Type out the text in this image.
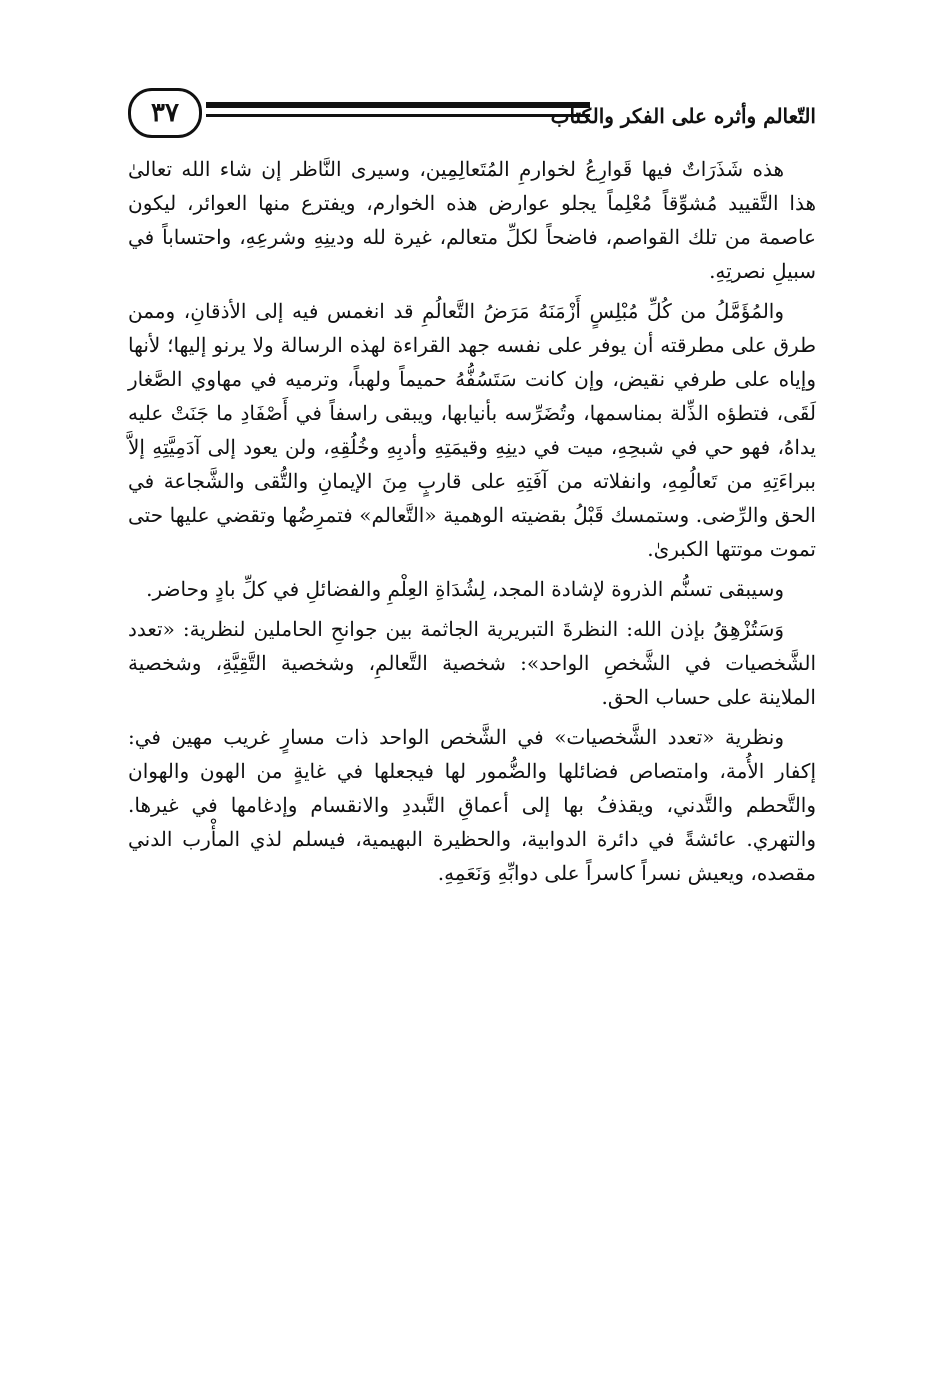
٣٧	التّعالم وأثره على الفكر والكتاب

هذه شَذَرَاتٌ فيها قَوارِعُ لخوارمِ المُتَعالِمِين، وسيرى النَّاظر إن شاء الله تعالىٰ هذا التَّقييد مُشوِّقاً مُعْلِماً يجلو عوارض هذه الخوارم، ويفترع منها العوائر، ليكون عاصمة من تلك القواصم، فاضحاً لكلِّ متعالم، غيرة لله ودينِهِ وشرعِهِ، واحتساباً في سبيلِ نصرتِهِ.

والمُؤَمَّلُ من كُلِّ مُبْلِسٍ أَزْمَنَهُ مَرَضُ التَّعالُمِ قد انغمس فيه إلى الأذقانِ، وممن طرق على مطرقته أن يوفر على نفسه جهد القراءة لهذه الرسالة ولا يرنو إليها؛ لأنها وإياه على طرفي نقيض، وإن كانت سَتَسُفُّهُ حميماً ولهباً، وترميه في مهاوي الصَّغار لَقَى، فتطؤه الذِّلة بمناسمها، وتُضَرِّسه بأنيابها، ويبقى راسفاً في أَصْفَادِ ما جَنَتْ عليه يداهُ، فهو حي في شبحِهِ، ميت في دينِهِ وقيمَتِهِ وأدبِهِ وخُلُقِهِ، ولن يعود إلى آدَمِيَّتِهِ إلاَّ ببراءَتِهِ من تَعالُمِهِ، وانفلاته من آفَتِهِ على قاربٍ مِنَ الإيمانِ والتُّقى والشَّجاعة في الحق والرِّضى. وستمسك قَبْلُ بقضيته الوهمية «التَّعالم» فتمرِضُها وتقضي عليها حتى تموت موتتها الكبرىٰ.

وسيبقى تسنُّم الذروة لإشادة المجد، لِشُدَاةِ العِلْمِ والفضائلِ في كلِّ بادٍ وحاضر.

وَسَتُزْهِقُ بإذن الله: النظرةَ التبريرية الجاثمة بين جوانحِ الحاملين لنظرية: «تعدد الشَّخصيات في الشَّخصِ الواحد»: شخصية التَّعالمِ، وشخصية التَّقِيَّةِ، وشخصية الملاينة على حساب الحق.

ونظرية «تعدد الشَّخصيات» في الشَّخص الواحد ذات مسارٍ غريب مهين في: إكفار الأُمة، وامتصاص فضائلها والضُّمور لها فيجعلها في غايةٍ من الهون والهوان والتَّحطم والتَّدني، ويقذفُ بها إلى أعماقِ التَّبددِ والانقسام وإدغامها في غيرها. والتهري. عائشةً في دائرة الدوابية، والحظيرة البهيمية، فيسلم لذي المأْرب الدني مقصده، ويعيش نسراً كاسراً على دوابِّهِ وَنَعَمِهِ.
